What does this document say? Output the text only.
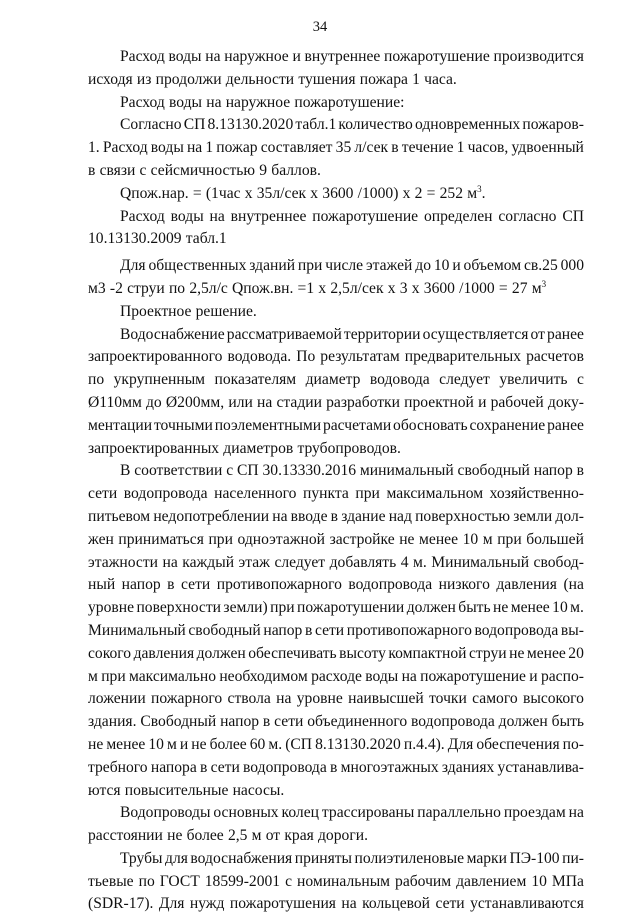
34
Расход воды на наружное и внутреннее пожаротушение производится
исходя из продолжи дельности тушения пожара 1 часа.
Расход воды на наружное пожаротушение:
Согласно СП 8.13130.2020 табл.1 количество одновременных пожаров-
1. Расход воды на 1 пожар составляет 35 л/сек в течение 1 часов, удвоенный
в связи с сейсмичностью 9 баллов.
Qпож.нар. = (1час х 35л/сек х 3600 /1000) х 2 = 252 $м^3$.
Расход воды на внутреннее пожаротушение определен согласно СП
10.13130.2009 табл.1
Для общественных зданий при числе этажей до 10 и объемом св.25 000
м3 -2 струи по 2,5л/с Qпож.вн. =1 х 2,5л/сек х 3 х 3600 /1000 = 27 $м^3$
Проектное решение.
Водоснабжение рассматриваемой территории осуществляется от ранее
запроектированного водовода. По результатам предварительных расчетов
по укрупненным показателям диаметр водовода следует увеличить с
Ø110мм до Ø200мм, или на стадии разработки проектной и рабочей доку-
ментации точными поэлементными расчетами обосновать сохранение ранее
запроектированных диаметров трубопроводов.
В соответствии с СП 30.13330.2016 минимальный свободный напор в
сети водопровода населенного пункта при максимальном хозяйственно-
питьевом недопотреблении на вводе в здание над поверхностью земли дол-
жен приниматься при одноэтажной застройке не менее 10 м при большей
этажности на каждый этаж следует добавлять 4 м. Минимальный свобод-
ный напор в сети противопожарного водопровода низкого давления (на
уровне поверхности земли) при пожаротушении должен быть не менее 10 м.
Минимальный свободный напор в сети противопожарного водопровода вы-
сокого давления должен обеспечивать высоту компактной струи не менее 20
м при максимально необходимом расходе воды на пожаротушение и распо-
ложении пожарного ствола на уровне наивысшей точки самого высокого
здания. Свободный напор в сети объединенного водопровода должен быть
не менее 10 м и не более 60 м. (СП 8.13130.2020 п.4.4). Для обеспечения по-
требного напора в сети водопровода в многоэтажных зданиях устанавлива-
ются повысительные насосы.
Водопроводы основных колец трассированы параллельно проездам на
расстоянии не более 2,5 м от края дороги.
Трубы для водоснабжения приняты полиэтиленовые марки ПЭ-100 пи-
тьевые по ГОСТ 18599-2001 с номинальным рабочим давлением 10 МПа
(SDR-17). Для нужд пожаротушения на кольцевой сети устанавливаются
